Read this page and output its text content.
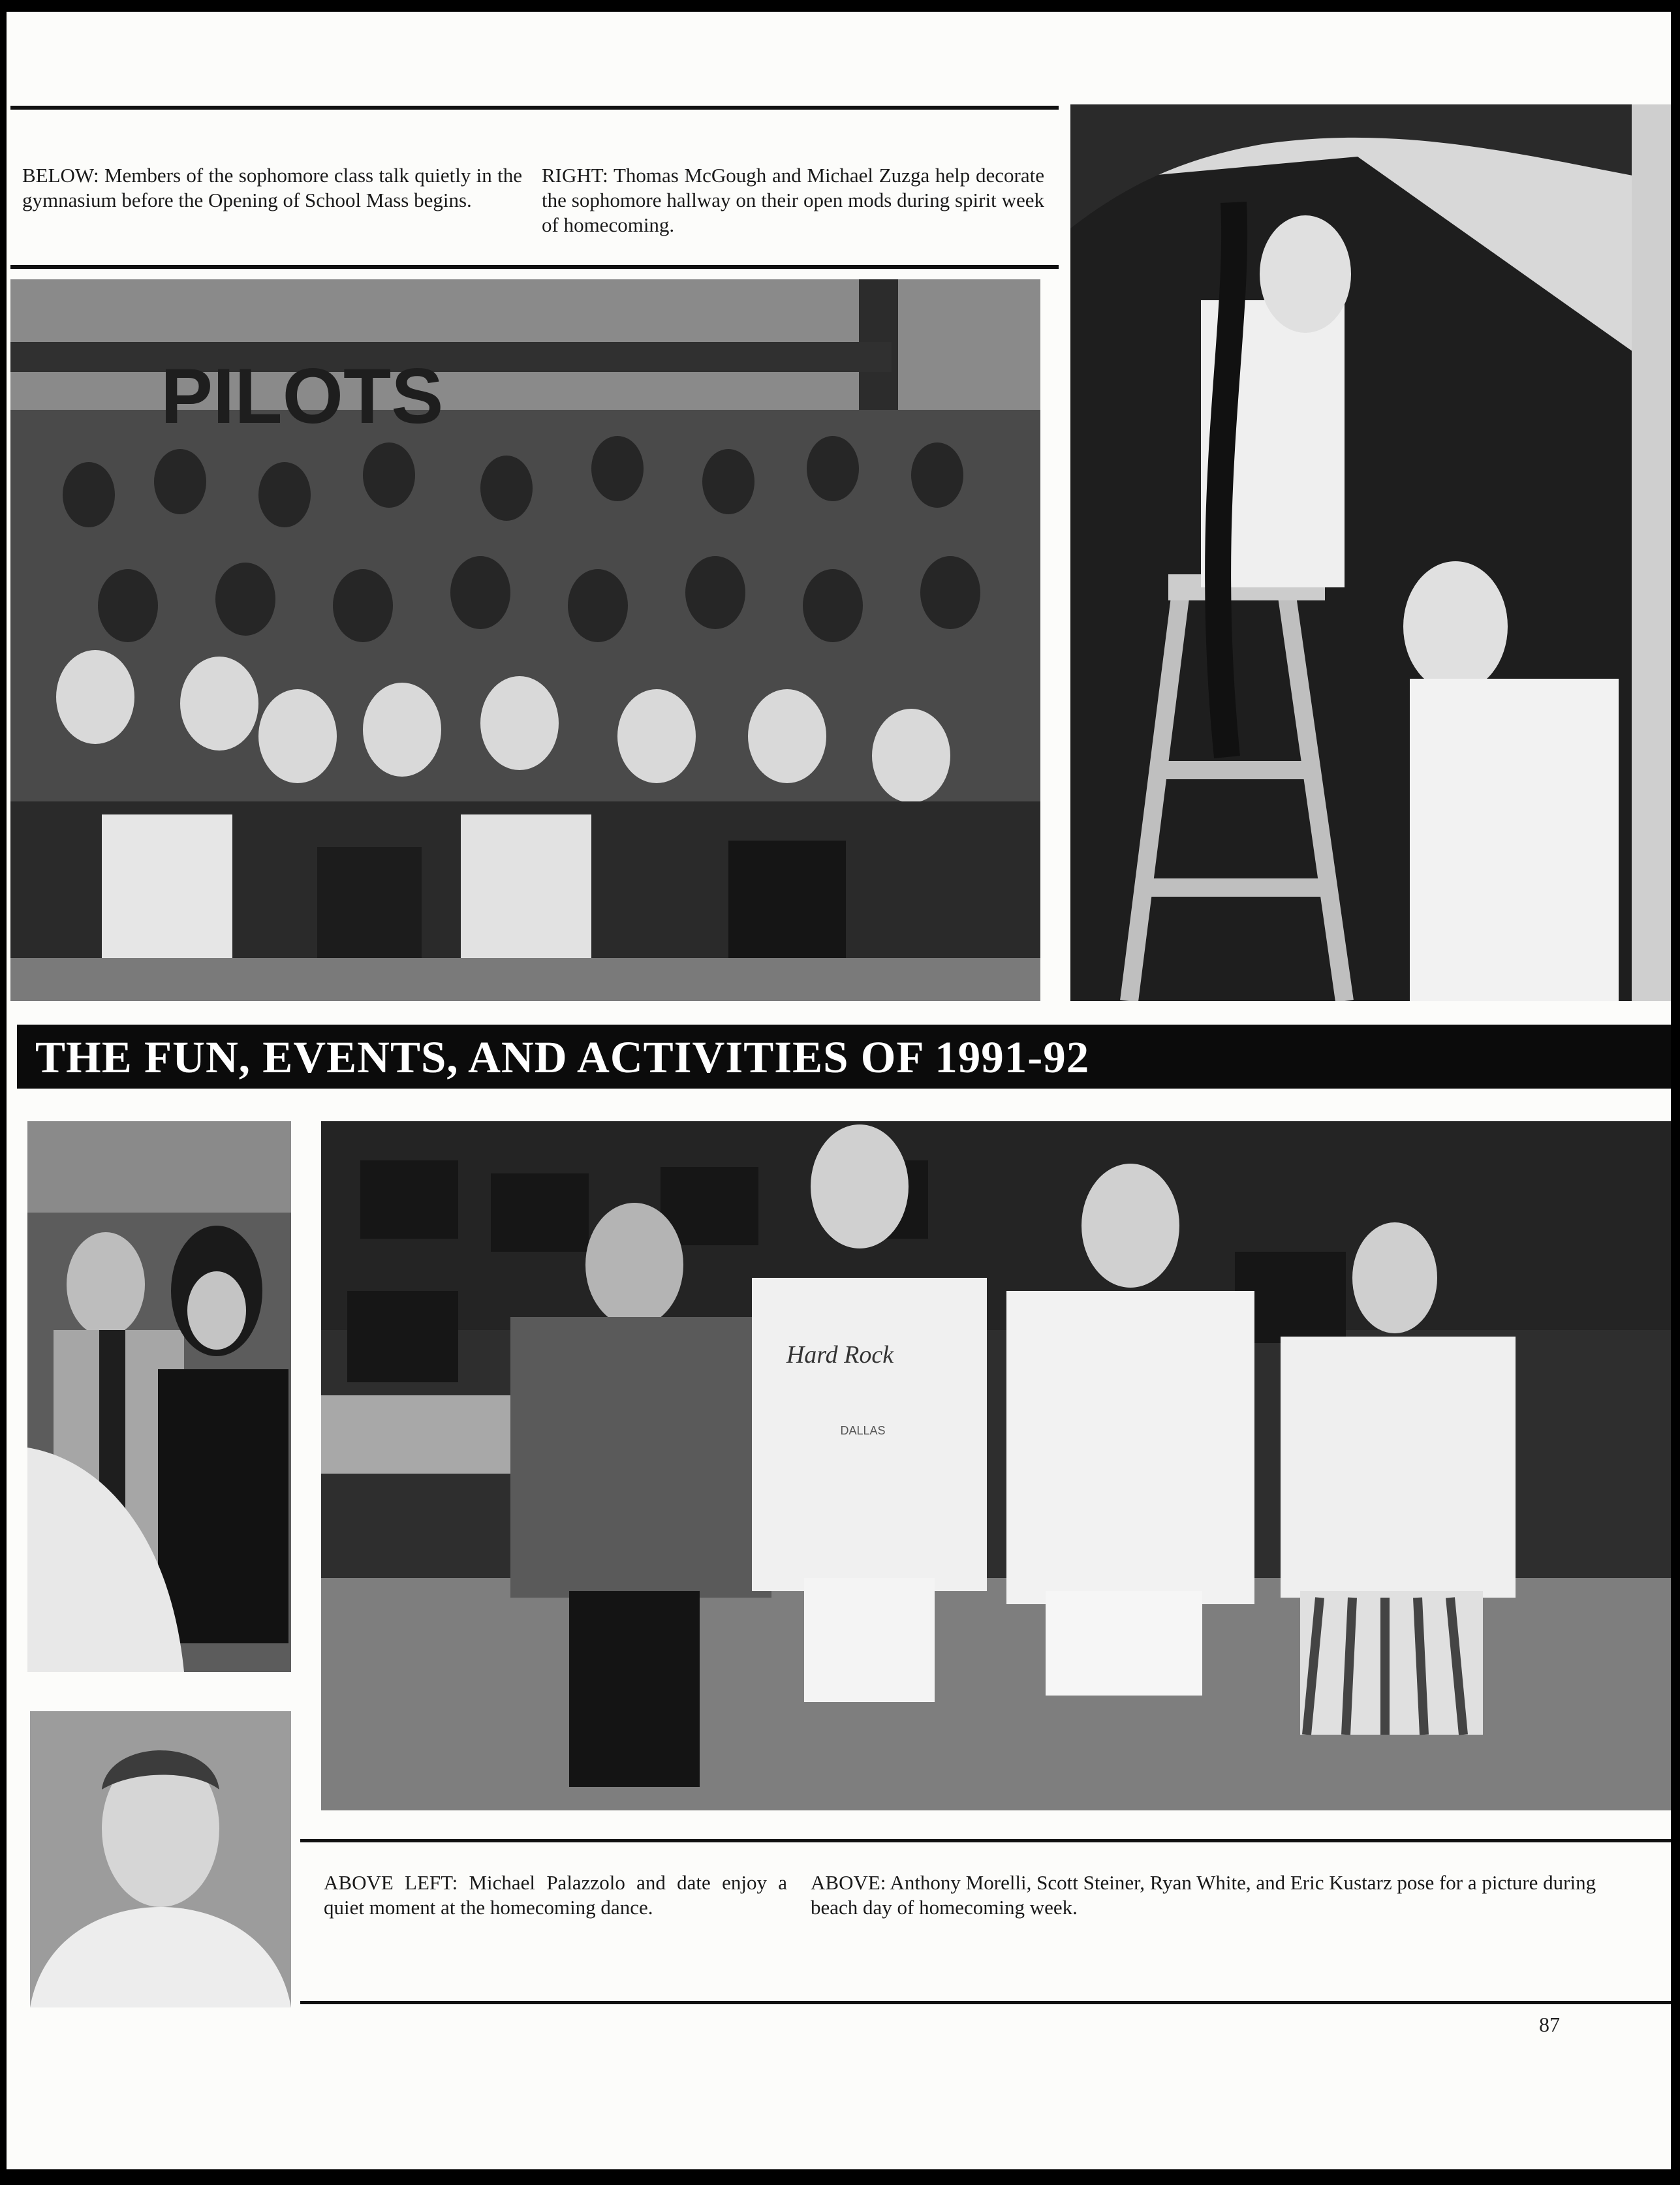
BELOW: Members of the sophomore class talk quietly in the gymnasium before the Opening of School Mass begins.

RIGHT: Thomas McGough and Michael Zuzga help decorate the sophomore hallway on their open mods during spirit week of homecoming.

PILOTS
THE FUN, EVENTS, AND ACTIVITIES OF 1991-92
Hard Rock
DALLAS

ABOVE LEFT: Michael Palazzolo and date enjoy a quiet moment at the homecoming dance.

ABOVE: Anthony Morelli, Scott Steiner, Ryan White, and Eric Kustarz pose for a picture during beach day of homecoming week.

87
